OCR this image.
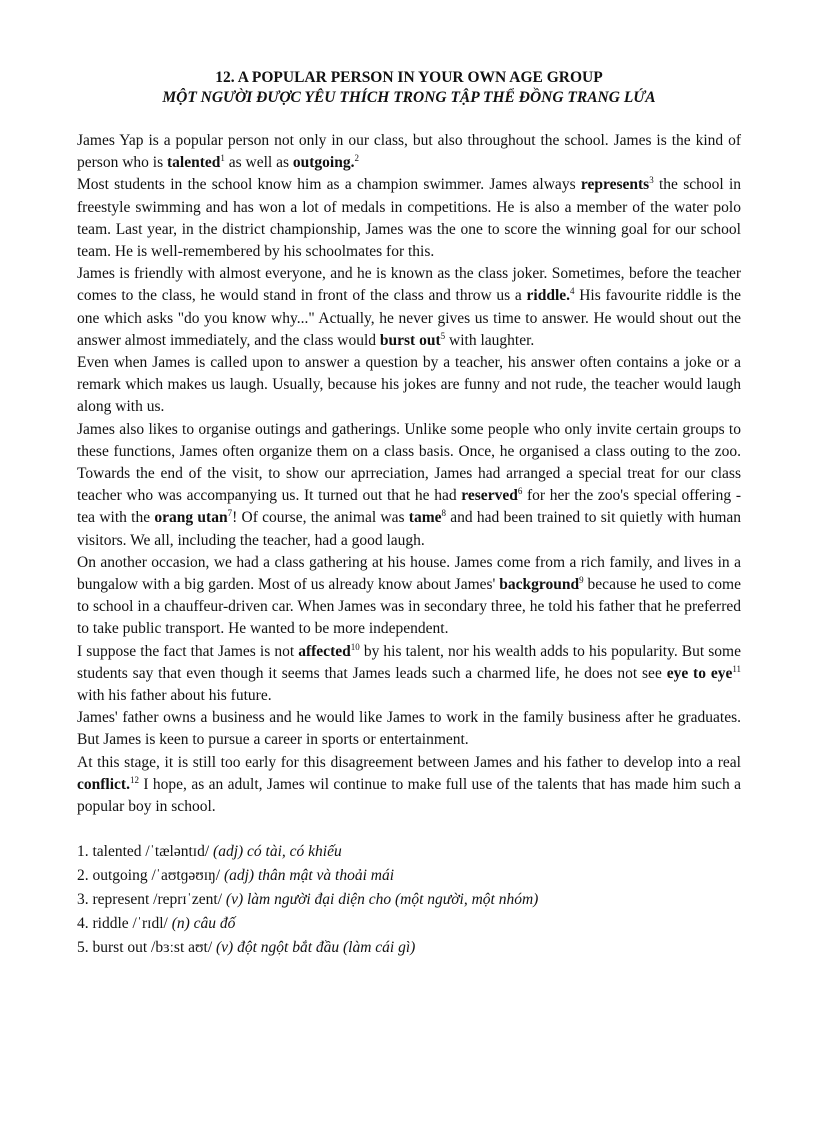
12. A POPULAR PERSON IN YOUR OWN AGE GROUP
MỘT NGƯỜI ĐƯỢC YÊU THÍCH TRONG TẬP THỂ ĐỒNG TRANG LỨA

James Yap is a popular person not only in our class, but also throughout the school. James is the kind of person who is talented$^1$ as well as outgoing.$^2$

Most students in the school know him as a champion swimmer. James always represents$^3$ the school in freestyle swimming and has won a lot of medals in competitions. He is also a member of the water polo team. Last year, in the district championship, James was the one to score the winning goal for our school team. He is well-remembered by his schoolmates for this.

James is friendly with almost everyone, and he is known as the class joker. Sometimes, before the teacher comes to the class, he would stand in front of the class and throw us a riddle.$^4$ His favourite riddle is the one which asks "do you know why..." Actually, he never gives us time to answer. He would shout out the answer almost immediately, and the class would burst out$^5$ with laughter.

Even when James is called upon to answer a question by a teacher, his answer often contains a joke or a remark which makes us laugh. Usually, because his jokes are funny and not rude, the teacher would laugh along with us.

James also likes to organise outings and gatherings. Unlike some people who only invite certain groups to these functions, James often organize them on a class basis. Once, he organised a class outing to the zoo. Towards the end of the visit, to show our aprreciation, James had arranged a special treat for our class teacher who was accompanying us. It turned out that he had reserved$^6$ for her the zoo's special offering - tea with the orang utan$^7$! Of course, the animal was tame$^8$ and had been trained to sit quietly with human visitors. We all, including the teacher, had a good laugh.

On another occasion, we had a class gathering at his house. James come from a rich family, and lives in a bungalow with a big garden. Most of us already know about James' background$^9$ because he used to come to school in a chauffeur-driven car. When James was in secondary three, he told his father that he preferred to take public transport. He wanted to be more independent.

I suppose the fact that James is not affected$^{10}$ by his talent, nor his wealth adds to his popularity. But some students say that even though it seems that James leads such a charmed life, he does not see eye to eye$^{11}$ with his father about his future.

James' father owns a business and he would like James to work in the family business after he graduates. But James is keen to pursue a career in sports or entertainment.

At this stage, it is still too early for this disagreement between James and his father to develop into a real conflict.$^{12}$ I hope, as an adult, James wil continue to make full use of the talents that has made him such a popular boy in school.

1. talented /ˈtæləntɪd/ (adj) có tài, có khiếu
2. outgoing /ˈaʊtɡəʊɪŋ/ (adj) thân mật và thoải mái
3. represent /reprɪˈzent/ (v) làm người đại diện cho (một người, một nhóm)
4. riddle /ˈrɪdl/ (n) câu đố
5. burst out /bɜːst aʊt/ (v) đột ngột bắt đầu (làm cái gì)
